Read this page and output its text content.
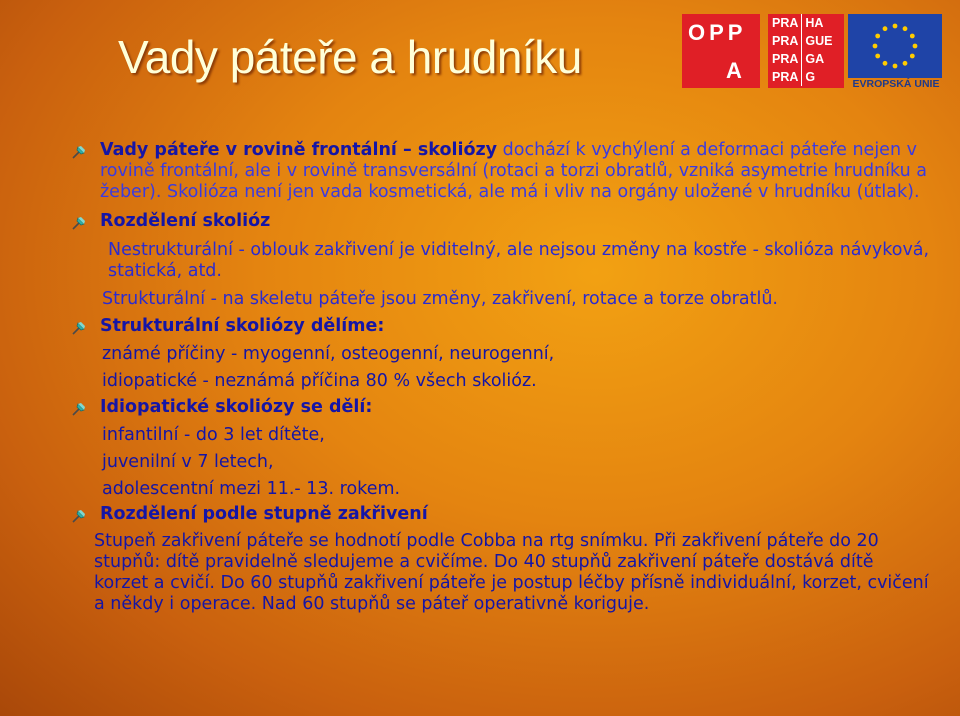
Vady páteře a hrudníku	OPP
A
PRA HA
PRA GUE
PRA GA
PRA G	EVROPSKÁ UNIE
Vady páteře v rovině frontální – skoliózy dochází k vychýlení a deformaci páteře nejen v rovině frontální, ale i v rovině transversální (rotaci a torzi obratlů, vzniká asymetrie hrudníku a žeber). Skolióza není jen vada kosmetická, ale má i vliv na orgány uložené v hrudníku (útlak).
Rozdělení skolióz
Nestrukturální - oblouk zakřivení je viditelný, ale nejsou změny na kostře - skolióza návyková, statická, atd.
Strukturální - na skeletu páteře jsou změny, zakřivení, rotace a torze obratlů.
Strukturální skoliózy dělíme:
známé příčiny - myogenní, osteogenní, neurogenní,
idiopatické - neznámá příčina 80 % všech skolióz.
Idiopatické skoliózy se dělí:
infantilní - do 3 let dítěte,
juvenilní v 7 letech,
adolescentní mezi 11.- 13. rokem.
Rozdělení podle stupně zakřivení
Stupeň zakřivení páteře se hodnotí podle Cobba na rtg snímku. Při zakřivení páteře do 20 stupňů: dítě pravidelně sledujeme a cvičíme. Do 40 stupňů zakřivení páteře dostává dítě korzet a cvičí. Do 60 stupňů zakřivení páteře je postup léčby přísně individuální, korzet, cvičení a někdy i operace. Nad 60 stupňů se páteř operativně koriguje.
